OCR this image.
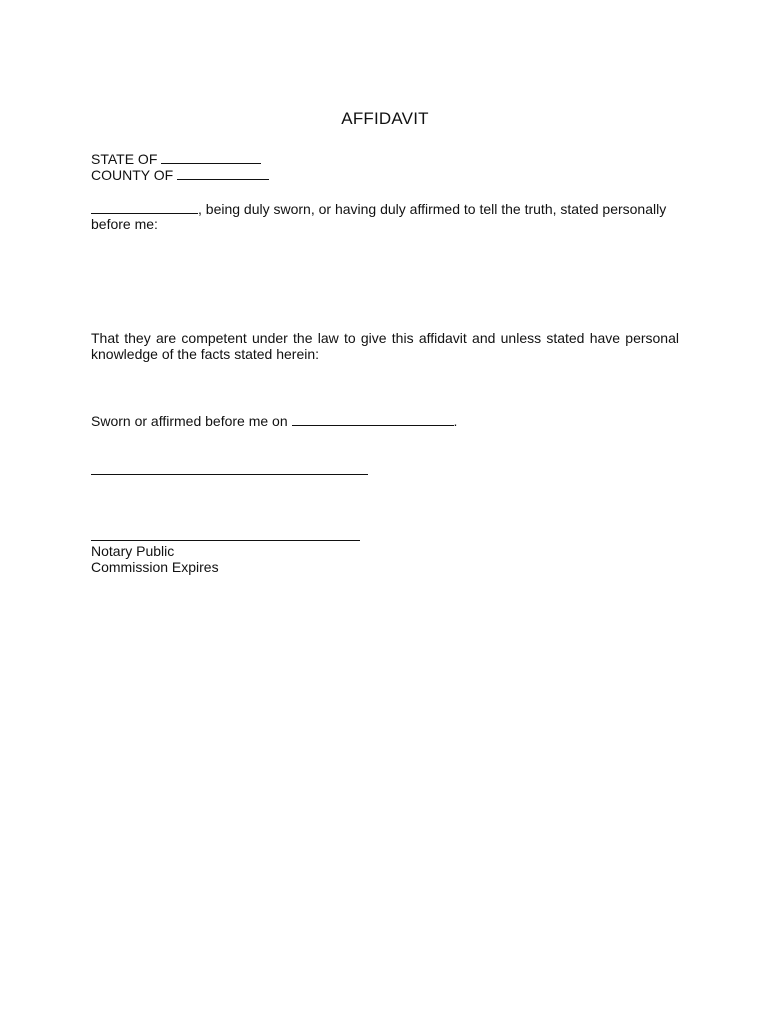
AFFIDAVIT
STATE OF
COUNTY OF
, being duly sworn, or having duly affirmed to tell the truth, stated personally
before me:
That they are competent under the law to give this affidavit and unless stated have personal knowledge of the facts stated herein:
Sworn or affirmed before me on	.
Notary Public
Commission Expires
